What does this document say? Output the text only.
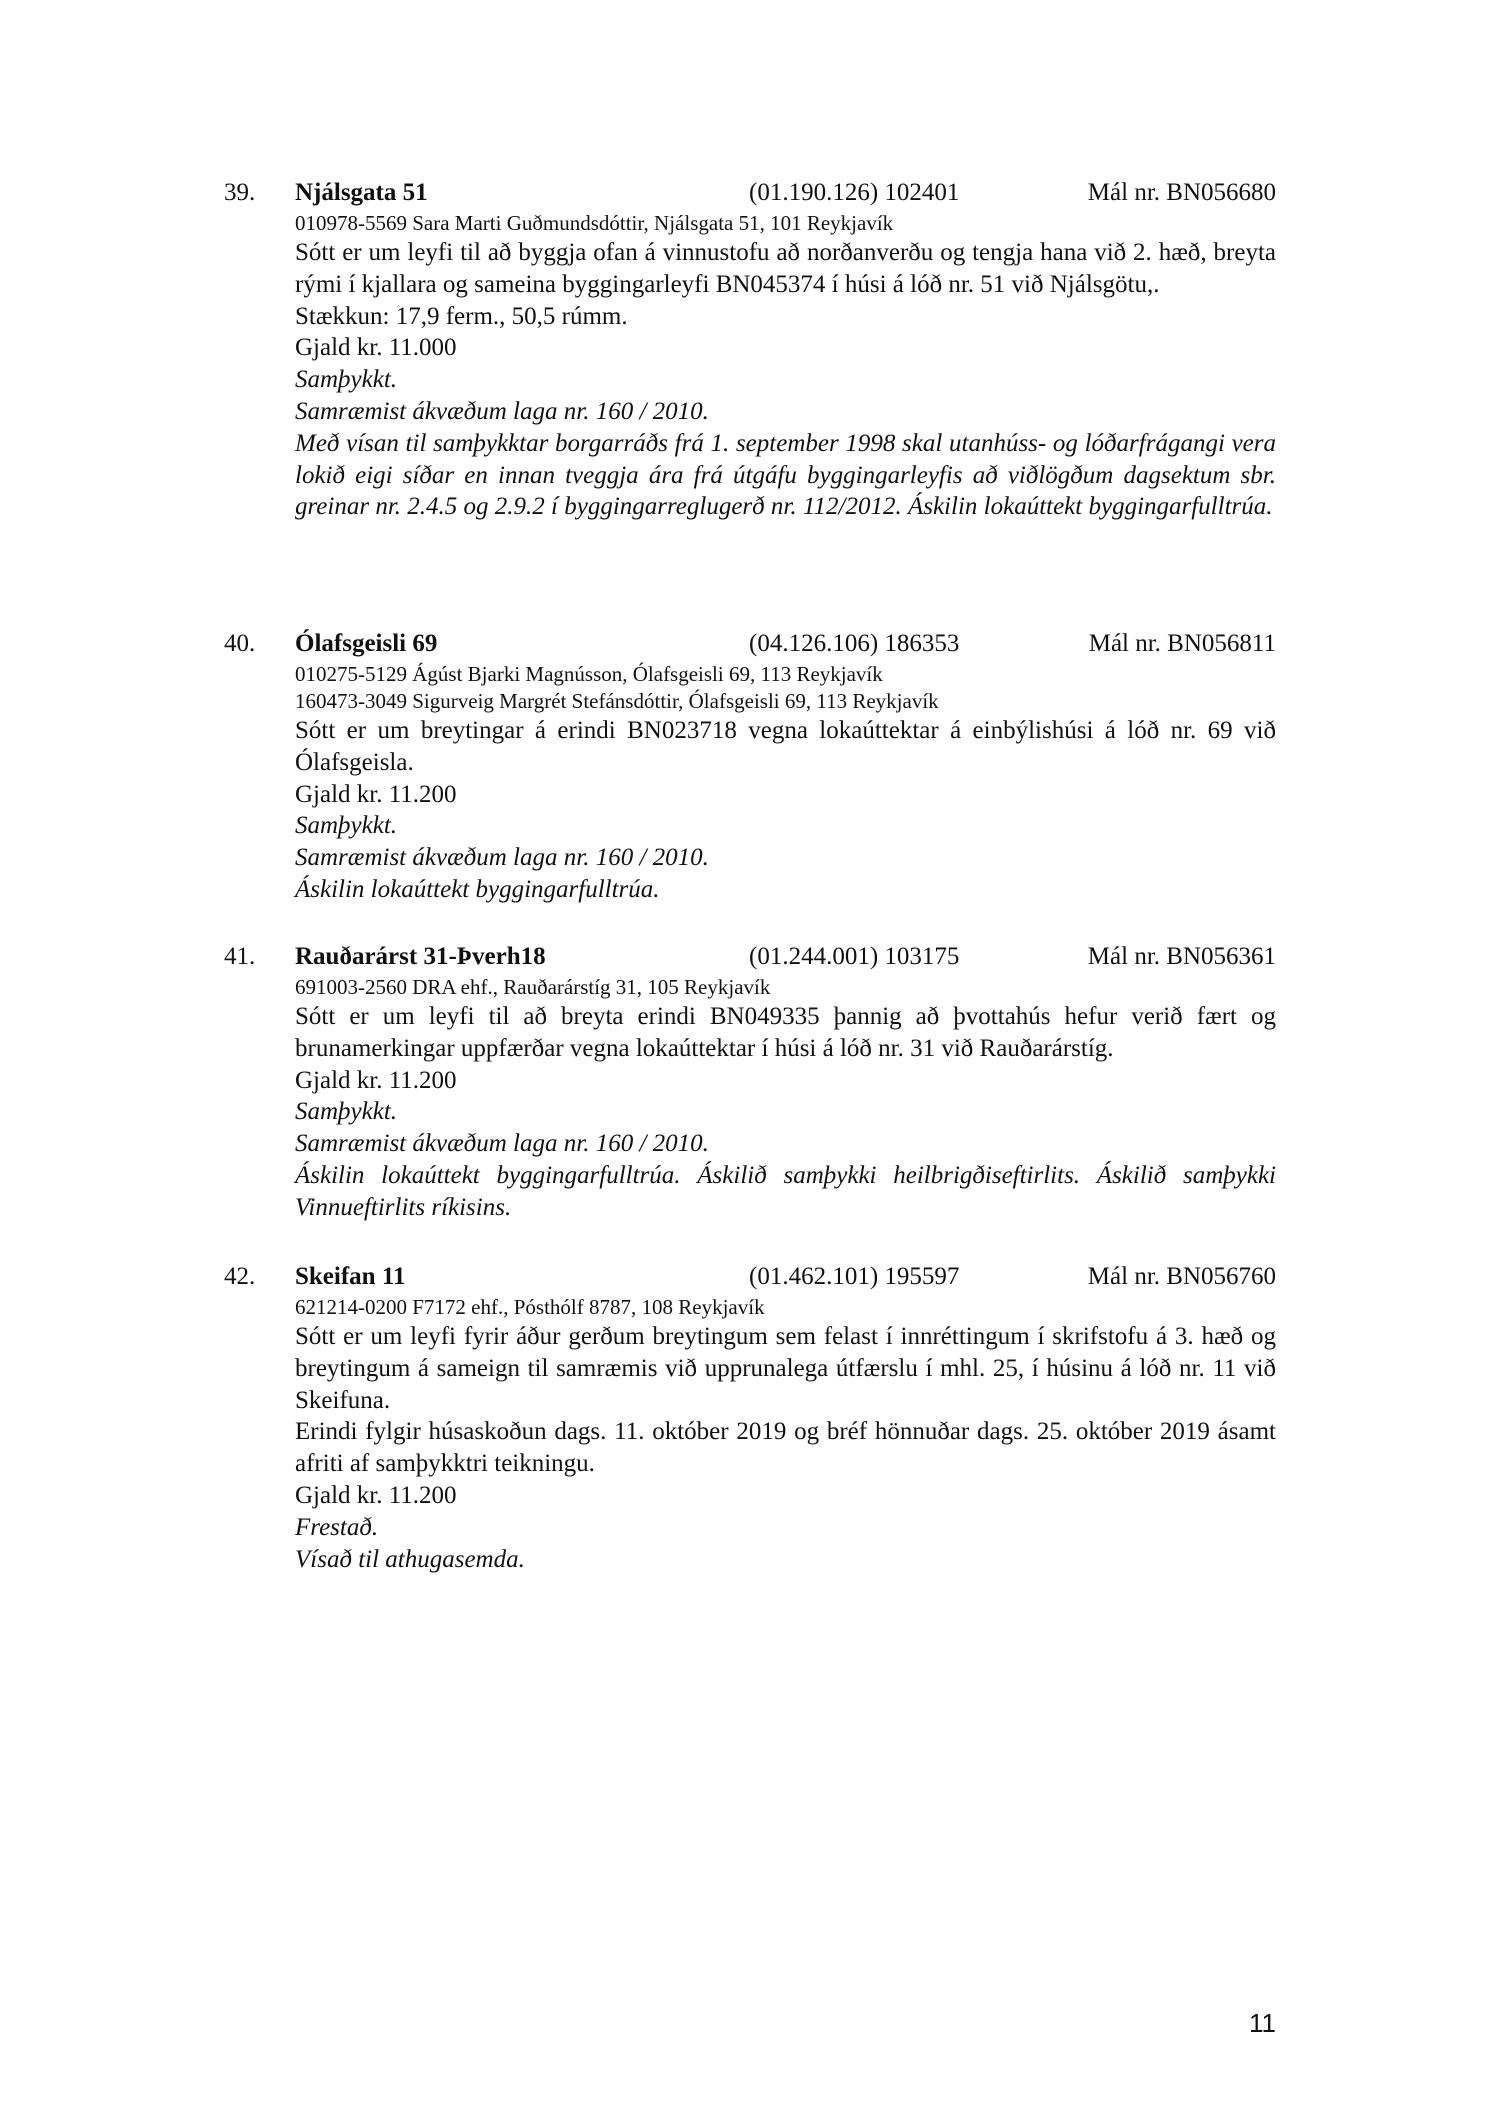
39. Njálsgata 51	(01.190.126) 102401	Mál nr. BN056680
010978-5569 Sara Marti Guðmundsdóttir, Njálsgata 51, 101 Reykjavík
Sótt er um leyfi til að byggja ofan á vinnustofu að norðanverðu og tengja hana við 2. hæð, breyta rými í kjallara og sameina byggingarleyfi BN045374 í húsi á lóð nr. 51 við Njálsgötu,.
Stækkun: 17,9 ferm., 50,5 rúmm.
Gjald kr. 11.000
Samþykkt.
Samræmist ákvæðum laga nr. 160 / 2010.
Með vísan til samþykktar borgarráðs frá 1. september 1998 skal utanhúss- og lóðarfrágangi vera lokið eigi síðar en innan tveggja ára frá útgáfu byggingarleyfis að viðlögðum dagsektum sbr. greinar nr. 2.4.5 og 2.9.2 í byggingarreglugerð nr. 112/2012. Áskilin lokaúttekt byggingarfulltrúa.
40. Ólafsgeisli 69	(04.126.106) 186353	Mál nr. BN056811
010275-5129 Ágúst Bjarki Magnússon, Ólafsgeisli 69, 113 Reykjavík
160473-3049 Sigurveig Margrét Stefánsdóttir, Ólafsgeisli 69, 113 Reykjavík
Sótt er um breytingar á erindi BN023718 vegna lokaúttektar á einbýlishúsi á lóð nr. 69 við Ólafsgeisla.
Gjald kr. 11.200
Samþykkt.
Samræmist ákvæðum laga nr. 160 / 2010.
Áskilin lokaúttekt byggingarfulltrúa.
41. Rauðarárst 31-Þverh18	(01.244.001) 103175	Mál nr. BN056361
691003-2560 DRA ehf., Rauðarárstíg 31, 105 Reykjavík
Sótt er um leyfi til að breyta erindi BN049335 þannig að þvottahús hefur verið fært og brunamerkingar uppfærðar vegna lokaúttektar í húsi á lóð nr. 31 við Rauðarárstíg.
Gjald kr. 11.200
Samþykkt.
Samræmist ákvæðum laga nr. 160 / 2010.
Áskilin lokaúttekt byggingarfulltrúa. Áskilið samþykki heilbrigðiseftirlits. Áskilið samþykki Vinnueftirlits ríkisins.
42. Skeifan 11	(01.462.101) 195597	Mál nr. BN056760
621214-0200 F7172 ehf., Pósthólf 8787, 108 Reykjavík
Sótt er um leyfi fyrir áður gerðum breytingum sem felast í innréttingum í skrifstofu á 3. hæð og breytingum á sameign til samræmis við upprunalega útfærslu í mhl. 25, í húsinu á lóð nr. 11 við Skeifuna.
Erindi fylgir húsaskoðun dags. 11. október 2019 og bréf hönnuðar dags. 25. október 2019 ásamt afriti af samþykktri teikningu.
Gjald kr. 11.200
Frestað.
Vísað til athugasemda.
11
